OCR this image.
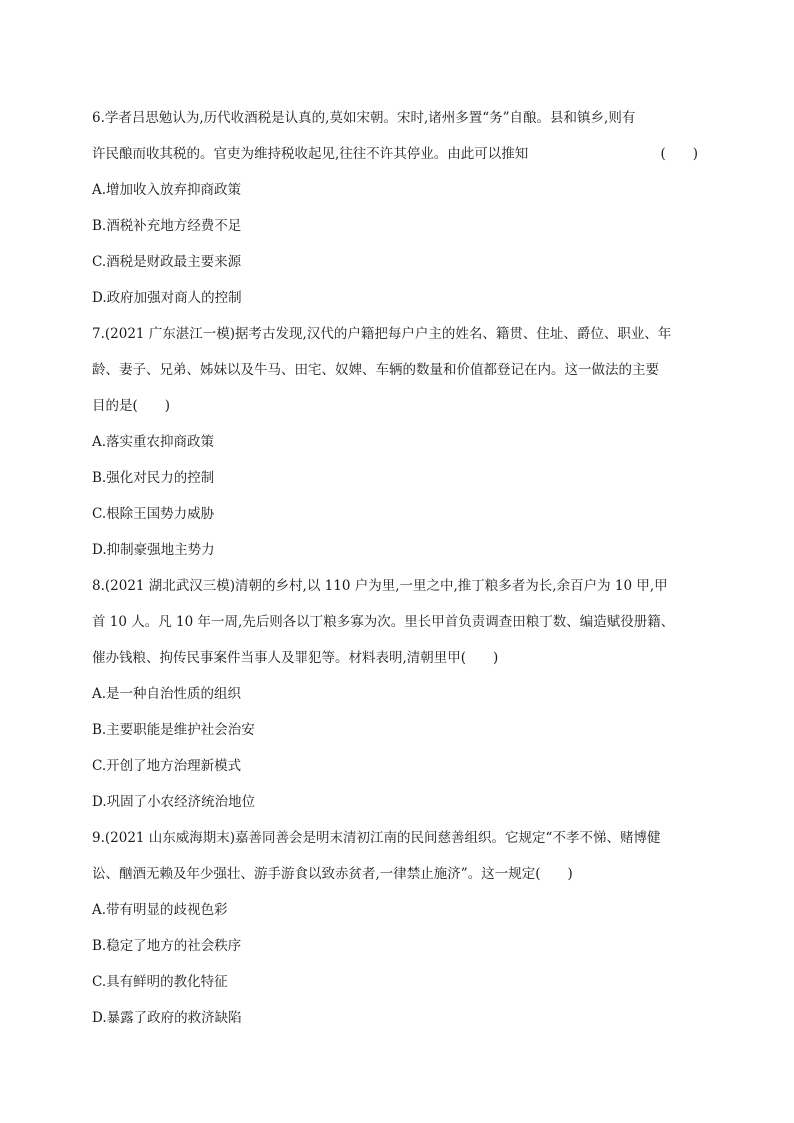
6.学者吕思勉认为,历代收酒税是认真的,莫如宋朝。宋时,诸州多置“务”自酿。县和镇乡,则有
许民酿而收其税的。官吏为维持税收起见,往往不许其停业。由此可以推知	(　　)
A.增加收入放弃抑商政策
B.酒税补充地方经费不足
C.酒税是财政最主要来源
D.政府加强对商人的控制
7.(2021 广东湛江一模)据考古发现,汉代的户籍把每户户主的姓名、籍贯、住址、爵位、职业、年
龄、妻子、兄弟、姊妹以及牛马、田宅、奴婢、车辆的数量和价值都登记在内。这一做法的主要
目的是(　　)
A.落实重农抑商政策
B.强化对民力的控制
C.根除王国势力威胁
D.抑制豪强地主势力
8.(2021 湖北武汉三模)清朝的乡村,以 110 户为里,一里之中,推丁粮多者为长,余百户为 10 甲,甲
首 10 人。凡 10 年一周,先后则各以丁粮多寡为次。里长甲首负责调查田粮丁数、编造赋役册籍、
催办钱粮、拘传民事案件当事人及罪犯等。材料表明,清朝里甲(　　)
A.是一种自治性质的组织
B.主要职能是维护社会治安
C.开创了地方治理新模式
D.巩固了小农经济统治地位
9.(2021 山东威海期末)嘉善同善会是明末清初江南的民间慈善组织。它规定“不孝不悌、赌博健
讼、酗酒无赖及年少强壮、游手游食以致赤贫者,一律禁止施济”。这一规定(　　)
A.带有明显的歧视色彩
B.稳定了地方的社会秩序
C.具有鲜明的教化特征
D.暴露了政府的救济缺陷
